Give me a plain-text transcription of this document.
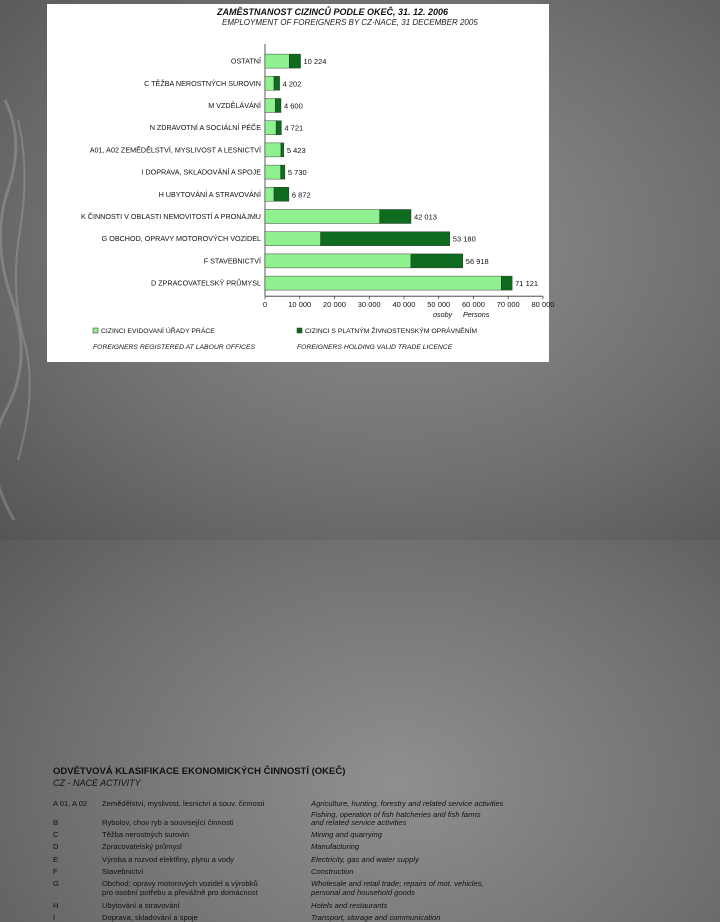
ZAMĚSTNANOST CIZINCŮ PODLE OKEČ, 31. 12. 2006
EMPLOYMENT OF FOREIGNERS BY CZ-NACE, 31 DECEMBER 2005
OSTATNÍ	10 224
C TĚŽBA NEROSTNÝCH SUROVIN	4 202
M VZDĚLÁVÁNÍ	4 600
N ZDRAVOTNÍ A SOCIÁLNÍ PÉČE	4 721
A01, A02 ZEMĚDĚLSTVÍ, MYSLIVOST A LESNICTVÍ	5 423
I DOPRAVA, SKLADOVÁNÍ A SPOJE	5 730
H UBYTOVÁNÍ A STRAVOVÁNÍ	6 872
K ČINNOSTI V OBLASTI NEMOVITOSTÍ A PRONÁJMU	42 013
G OBCHOD, OPRAVY MOTOROVÝCH VOZIDEL	53 180
F STAVEBNICTVÍ	56 918
D ZPRACOVATELSKÝ PRŮMYSL	71 121
0	10 000 20 000 30 000 40 000 50 000 60 000 70 000 80 000
osoby Persons
CIZINCI EVIDOVANÍ ÚŘADY PRÁCE
FOREIGNERS REGISTERED AT LABOUR OFFICES
CIZINCI S PLATNÝM ŽIVNOSTENSKÝM OPRÁVNĚNÍM
FOREIGNERS HOLDING VALID TRADE LICENCE
ODVĚTVOVÁ KLASIFIKACE EKONOMICKÝCH ČINNOSTÍ (OKEČ)
CZ - NACE ACTIVITY
A 01, A 02 Zemědělství, myslivost, lesnictví a souv. činnosti	Agriculture, hunting, forestry and related service activities
Fishing, operation of fish hatcheries and fish farms
B	Rybolov, chov ryb a související činnosti	and related service activities
C	Těžba nerostných surovin	Mining and quarrying
D	Zpracovatelský průmysl	Manufacturing
E	Výroba a rozvod elektřiny, plynu a vody	Electricity, gas and water supply
F	Stavebnictví	Construction
G	Obchod; opravy motorových vozidel a výrobků	Wholesale and retail trade; repairs of mot. vehicles,
pro osobní potřebu a převážně pro domácnost	personal and household goods
H	Ubytování a stravování	Hotels and restaurants
I	Doprava, skladování a spoje	Transport, storage and communication
